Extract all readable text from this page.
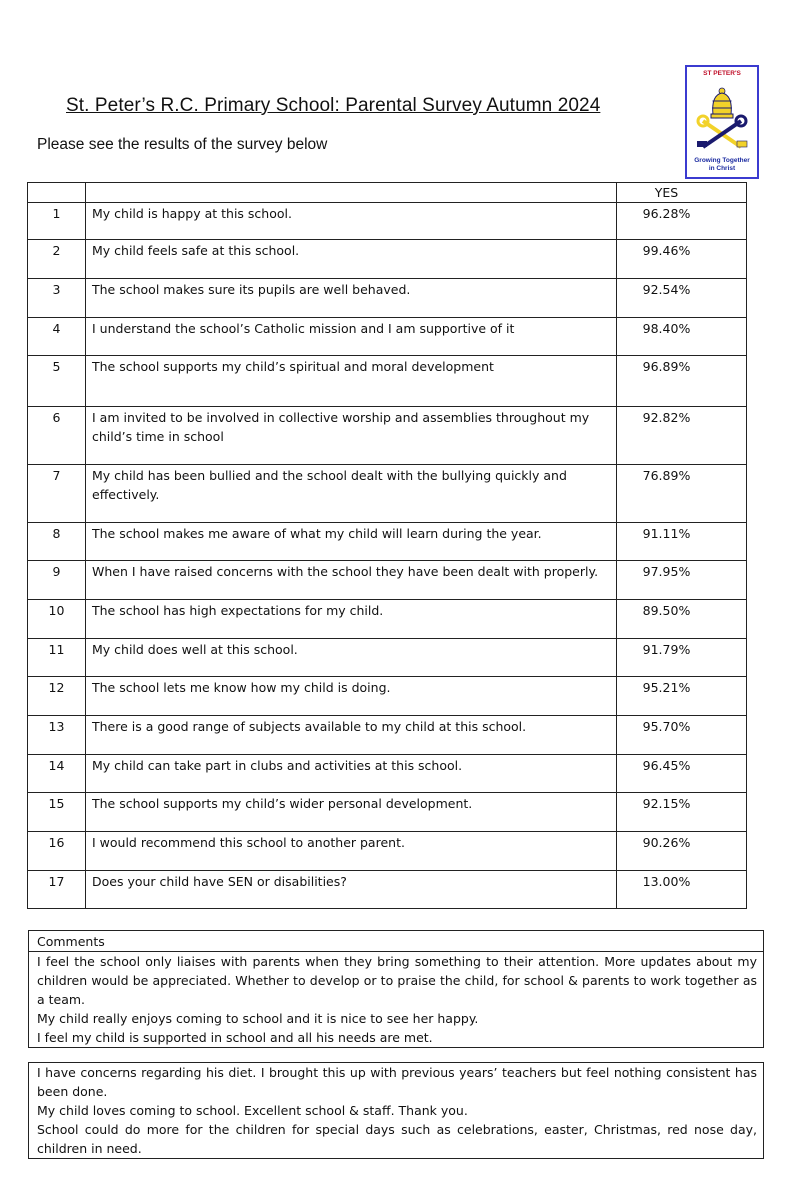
St. Peter’s R.C. Primary School: Parental Survey Autumn 2024
Please see the results of the survey below
ST PETER'S
Growing Together
in Christ
		YES
1	My child is happy at this school.	96.28%
2	My child feels safe at this school.	99.46%
3	The school makes sure its pupils are well behaved.	92.54%
4	I understand the school’s Catholic mission and I am supportive of it	98.40%
5	The school supports my child’s spiritual and moral development	96.89%
6	I am invited to be involved in collective worship and assemblies throughout my child’s time in school	92.82%
7	My child has been bullied and the school dealt with the bullying quickly and effectively.	76.89%
8	The school makes me aware of what my child will learn during the year.	91.11%
9	When I have raised concerns with the school they have been dealt with properly.	97.95%
10	The school has high expectations for my child.	89.50%
11	My child does well at this school.	91.79%
12	The school lets me know how my child is doing.	95.21%
13	There is a good range of subjects available to my child at this school.	95.70%
14	My child can take part in clubs and activities at this school.	96.45%
15	The school supports my child’s wider personal development.	92.15%
16	I would recommend this school to another parent.	90.26%
17	Does your child have SEN or disabilities?	13.00%
Comments

I feel the school only liaises with parents when they bring something to their attention. More updates about my children would be appreciated. Whether to develop or to praise the child, for school & parents to work together as a team.

My child really enjoys coming to school and it is nice to see her happy.

I feel my child is supported in school and all his needs are met.

I have concerns regarding his diet. I brought this up with previous years’ teachers but feel nothing consistent has been done.

My child loves coming to school. Excellent school & staff. Thank you.

School could do more for the children for special days such as celebrations, easter, Christmas, red nose day, children in need.
